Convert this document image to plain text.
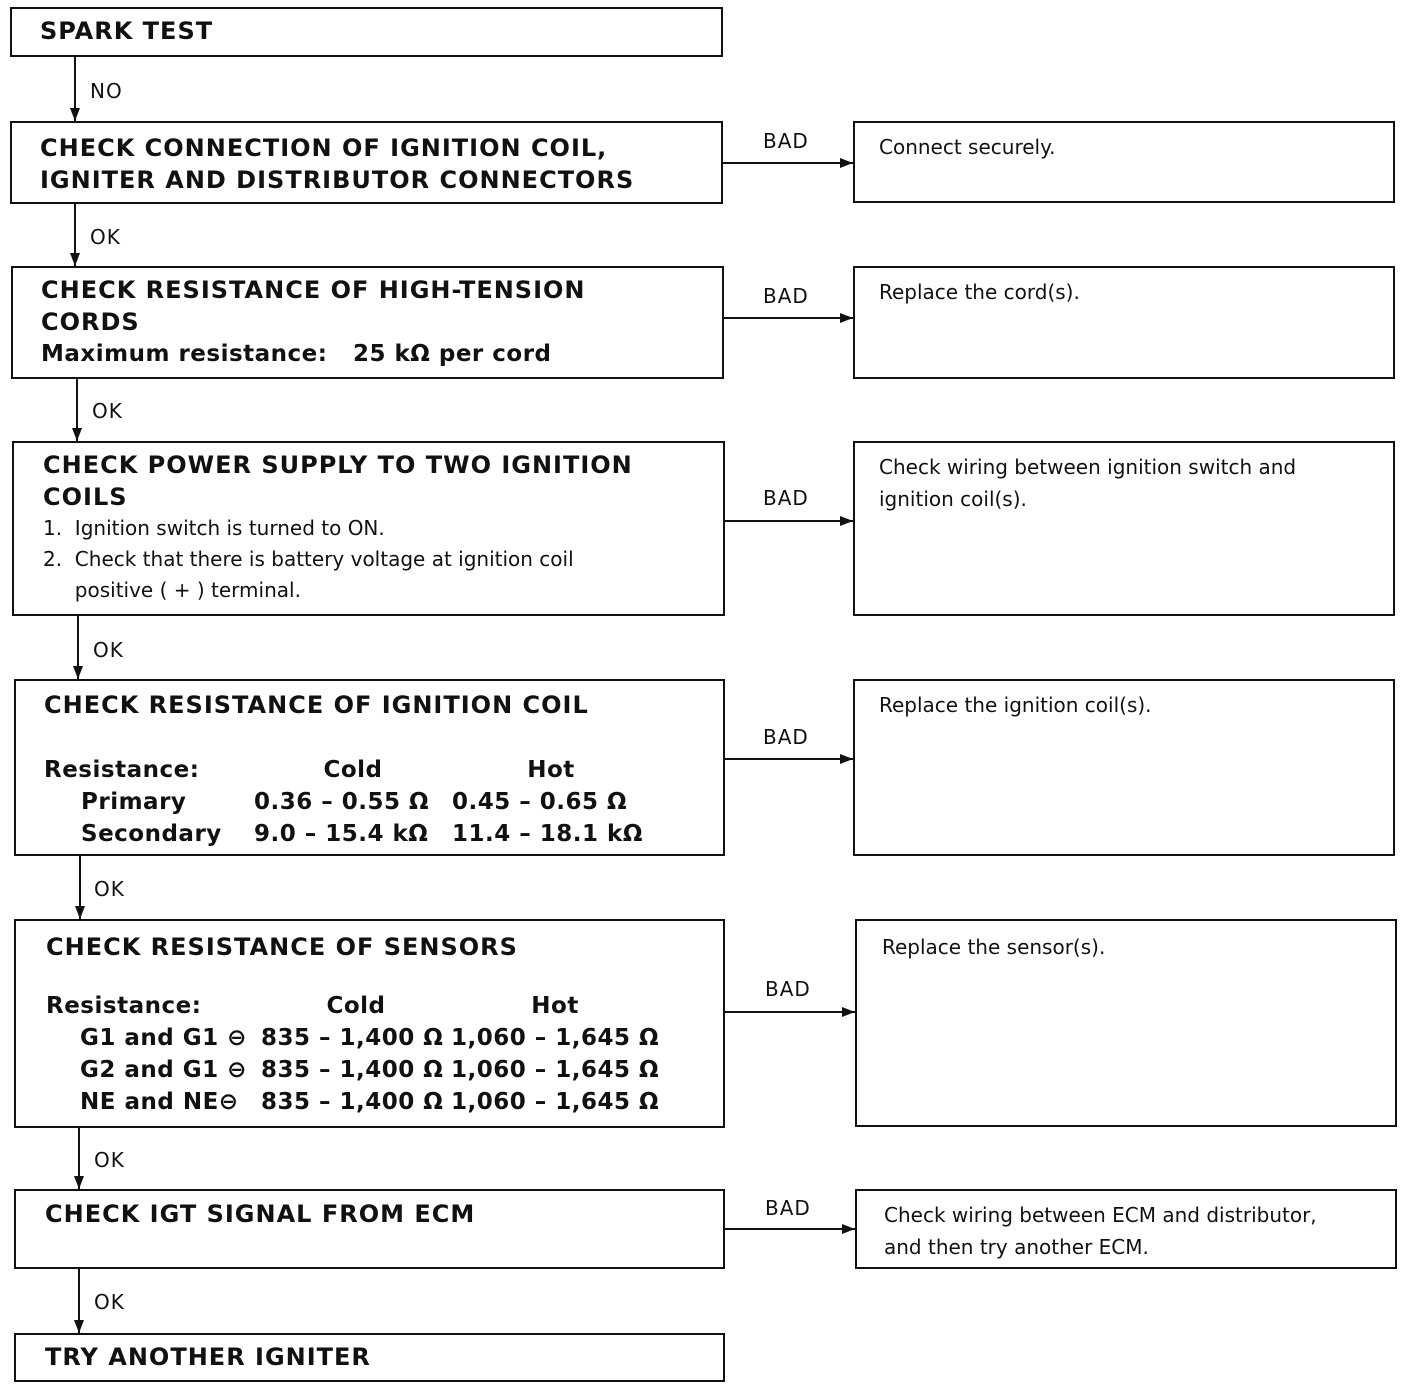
SPARK TEST
NO
CHECK CONNECTION OF IGNITION COIL,
IGNITER AND DISTRIBUTOR CONNECTORS
BAD	Connect securely.
OK
CHECK RESISTANCE OF HIGH-TENSION
CORDS
Maximum resistance:   25 kΩ per cord
BAD	Replace the cord(s).
OK
CHECK POWER SUPPLY TO TWO IGNITION
COILS
1.  Ignition switch is turned to ON.
2.  Check that there is battery voltage at ignition coil
positive ( + ) terminal.
BAD
Check wiring between ignition switch and
ignition coil(s).
OK
CHECK RESISTANCE OF IGNITION COIL
Resistance:	Cold	Hot
Primary	0.36 – 0.55 Ω	0.45 – 0.65 Ω
Secondary	9.0 – 15.4 kΩ	11.4 – 18.1 kΩ
BAD
Replace the ignition coil(s).
OK
CHECK RESISTANCE OF SENSORS
Resistance:	Cold	Hot
G1 and G1 ⊖	835 – 1,400 Ω	1,060 – 1,645 Ω
G2 and G1 ⊖	835 – 1,400 Ω	1,060 – 1,645 Ω
NE and NE⊖	835 – 1,400 Ω	1,060 – 1,645 Ω
BAD
Replace the sensor(s).
OK
CHECK IGT SIGNAL FROM ECM	BAD	Check wiring between ECM and distributor,
and then try another ECM.
OK
TRY ANOTHER IGNITER
